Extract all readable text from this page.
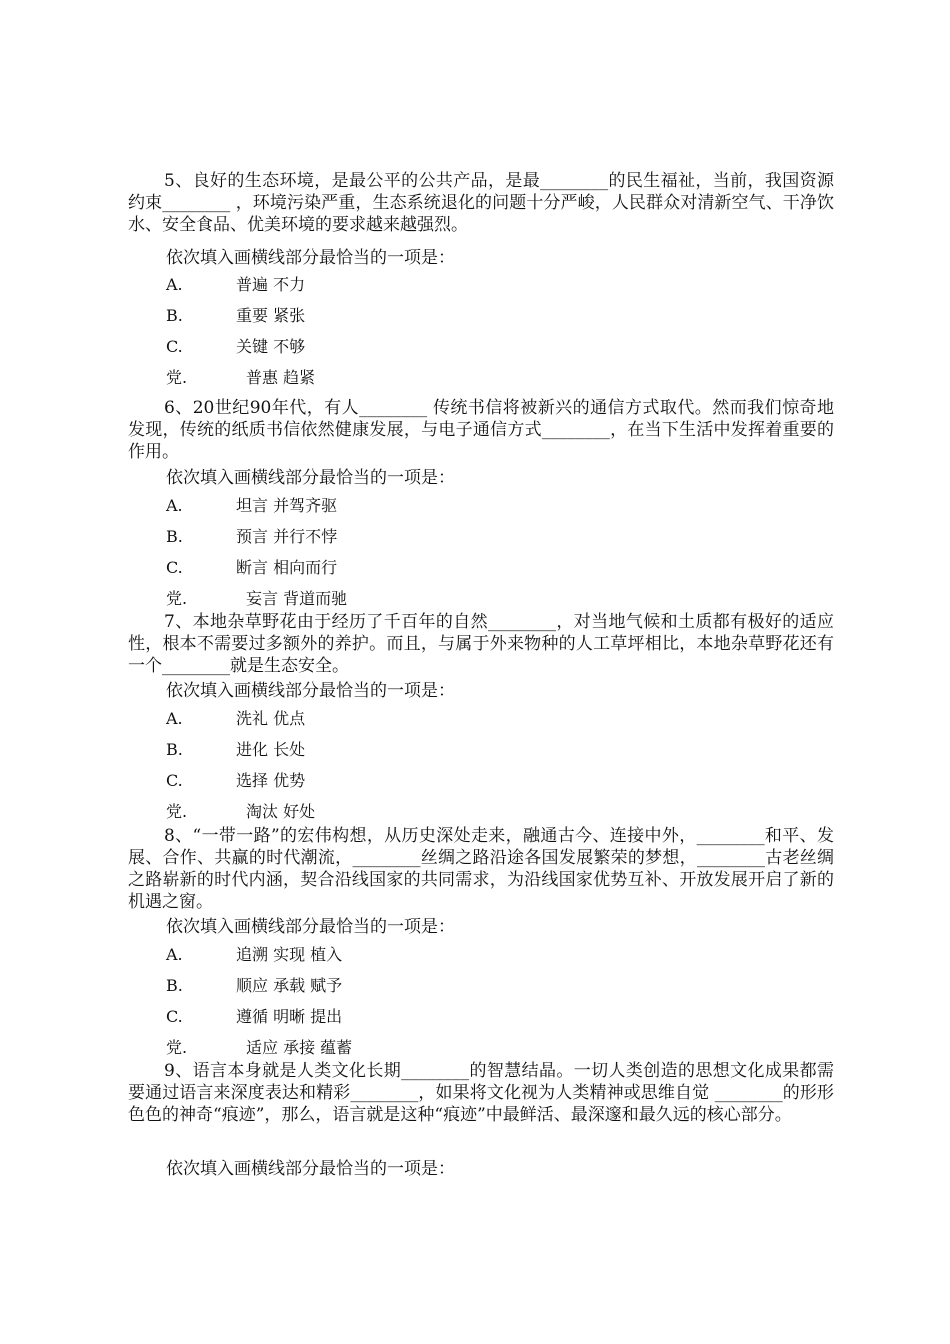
5、良好的生态环境，是最公平的公共产品，是最________的民生福祉，当前，我国资源约束________ ，环境污染严重，生态系统退化的问题十分严峻，人民群众对清新空气、干净饮水、安全食品、优美环境的要求越来越强烈。

依次填入画横线部分最恰当的一项是：

A.	普遍 不力
B.	重要 紧张
C.	关键 不够
党.	普惠 趋紧

6、20世纪90年代，有人________ 传统书信将被新兴的通信方式取代。然而我们惊奇地发现，传统的纸质书信依然健康发展，与电子通信方式________，在当下生活中发挥着重要的作用。

依次填入画横线部分最恰当的一项是：

A.	坦言 并驾齐驱
B.	预言 并行不悖
C.	断言 相向而行
党.	妄言 背道而驰

7、本地杂草野花由于经历了千百年的自然________，对当地气候和土质都有极好的适应性，根本不需要过多额外的养护。而且，与属于外来物种的人工草坪相比，本地杂草野花还有一个________就是生态安全。

依次填入画横线部分最恰当的一项是：

A.	洗礼 优点
B.	进化 长处
C.	选择 优势
党.	淘汰 好处

8、“一带一路”的宏伟构想，从历史深处走来，融通古今、连接中外，________和平、发展、合作、共赢的时代潮流，________丝绸之路沿途各国发展繁荣的梦想，________古老丝绸之路崭新的时代内涵，契合沿线国家的共同需求，为沿线国家优势互补、开放发展开启了新的机遇之窗。

依次填入画横线部分最恰当的一项是：

A.	追溯 实现 植入
B.	顺应 承载 赋予
C.	遵循 明晰 提出
党.	适应 承接 蕴蓄

9、语言本身就是人类文化长期________的智慧结晶。一切人类创造的思想文化成果都需要通过语言来深度表达和精彩________，如果将文化视为人类精神或思维自觉 ________的形形色色的神奇“痕迹”，那么，语言就是这种“痕迹”中最鲜活、最深邃和最久远的核心部分。

依次填入画横线部分最恰当的一项是：
